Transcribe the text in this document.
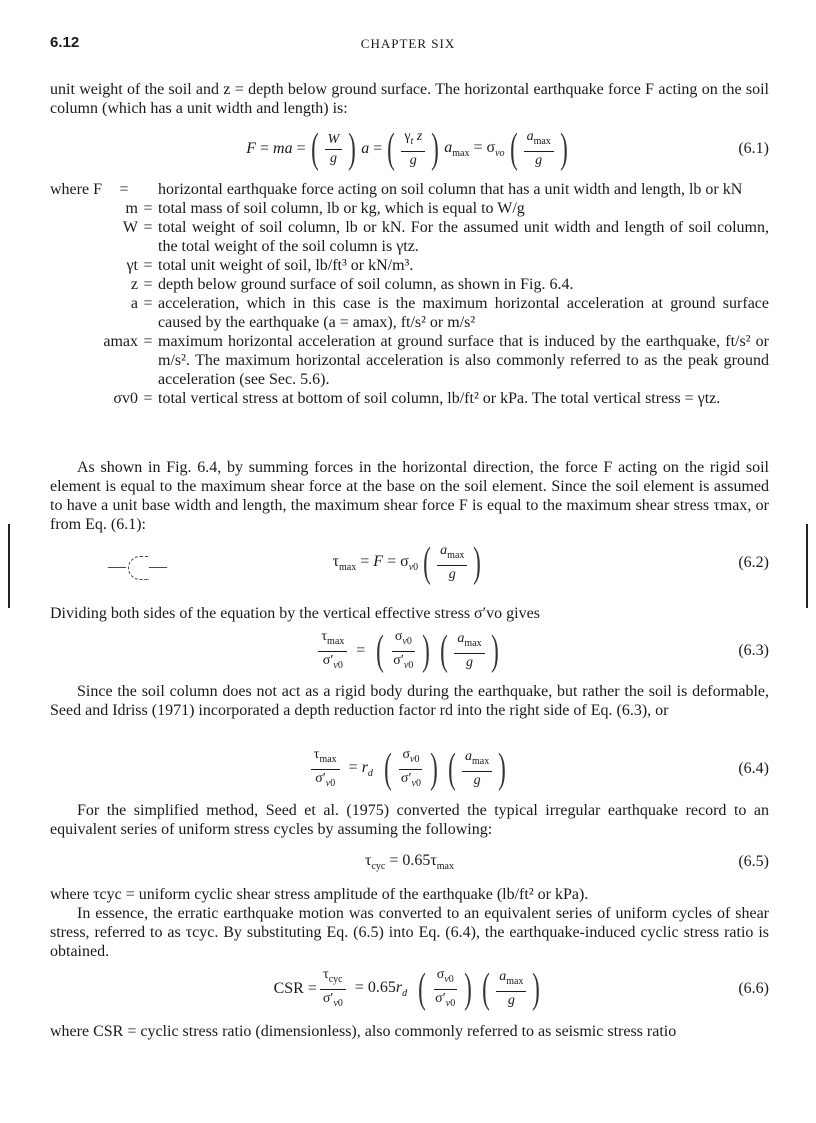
6.12	CHAPTER SIX

unit weight of the soil and z = depth below ground surface. The horizontal earthquake force F acting on the soil column (which has a unit width and length) is:

F = ma = ( $\frac{W}{g}$ ) a = ( $\frac{\gamma_t z}{g}$ ) $a_{max} = \sigma_{vo}$ ( $\frac{a_{max}}{g}$ )	(6.1)
where F	=	horizontal earthquake force acting on soil column that has a unit width and length, lb or kN
m = total mass of soil column, lb or kg, which is equal to W/g
W = total weight of soil column, lb or kN. For the assumed unit width and length of soil column, the total weight of the soil column is γtz.
γt = total unit weight of soil, lb/ft³ or kN/m³.
z = depth below ground surface of soil column, as shown in Fig. 6.4.
a = acceleration, which in this case is the maximum horizontal acceleration at ground surface caused by the earthquake (a = amax), ft/s² or m/s²
amax = maximum horizontal acceleration at ground surface that is induced by the earthquake, ft/s² or m/s². The maximum horizontal acceleration is also commonly referred to as the peak ground acceleration (see Sec. 5.6).
σv0 = total vertical stress at bottom of soil column, lb/ft² or kPa. The total vertical stress = γtz.

As shown in Fig. 6.4, by summing forces in the horizontal direction, the force F acting on the rigid soil element is equal to the maximum shear force at the base on the soil element. Since the soil element is assumed to have a unit base width and length, the maximum shear force F is equal to the maximum shear stress τmax, or from Eq. (6.1):

— —	$\tau_{max} = F = \sigma_{v0}$ ( $\frac{a_{max}}{g}$ )	(6.2)

Dividing both sides of the equation by the vertical effective stress σ′vo gives

$\frac{\tau_{max}}{\sigma'_{v0}}$ = ( $\frac{\sigma_{v0}}{\sigma'_{v0}}$ ) ( $\frac{a_{max}}{g}$ )	(6.3)

Since the soil column does not act as a rigid body during the earthquake, but rather the soil is deformable, Seed and Idriss (1971) incorporated a depth reduction factor rd into the right side of Eq. (6.3), or

$\frac{\tau_{max}}{\sigma'_{v0}} = r_d$ ( $\frac{\sigma_{v0}}{\sigma'_{v0}}$ ) ( $\frac{a_{max}}{g}$ )	(6.4)

For the simplified method, Seed et al. (1975) converted the typical irregular earthquake record to an equivalent series of uniform stress cycles by assuming the following:

$\tau_{cyc} = 0.65\tau_{max}$	(6.5)

where τcyc = uniform cyclic shear stress amplitude of the earthquake (lb/ft² or kPa).

In essence, the erratic earthquake motion was converted to an equivalent series of uniform cycles of shear stress, referred to as τcyc. By substituting Eq. (6.5) into Eq. (6.4), the earthquake-induced cyclic stress ratio is obtained.

CSR = $\frac{\tau_{cyc}}{\sigma'_{v0}} = 0.65r_d$ ( $\frac{\sigma_{v0}}{\sigma'_{v0}}$ ) ( $\frac{a_{max}}{g}$ )	(6.6)

where CSR = cyclic stress ratio (dimensionless), also commonly referred to as seismic stress ratio
